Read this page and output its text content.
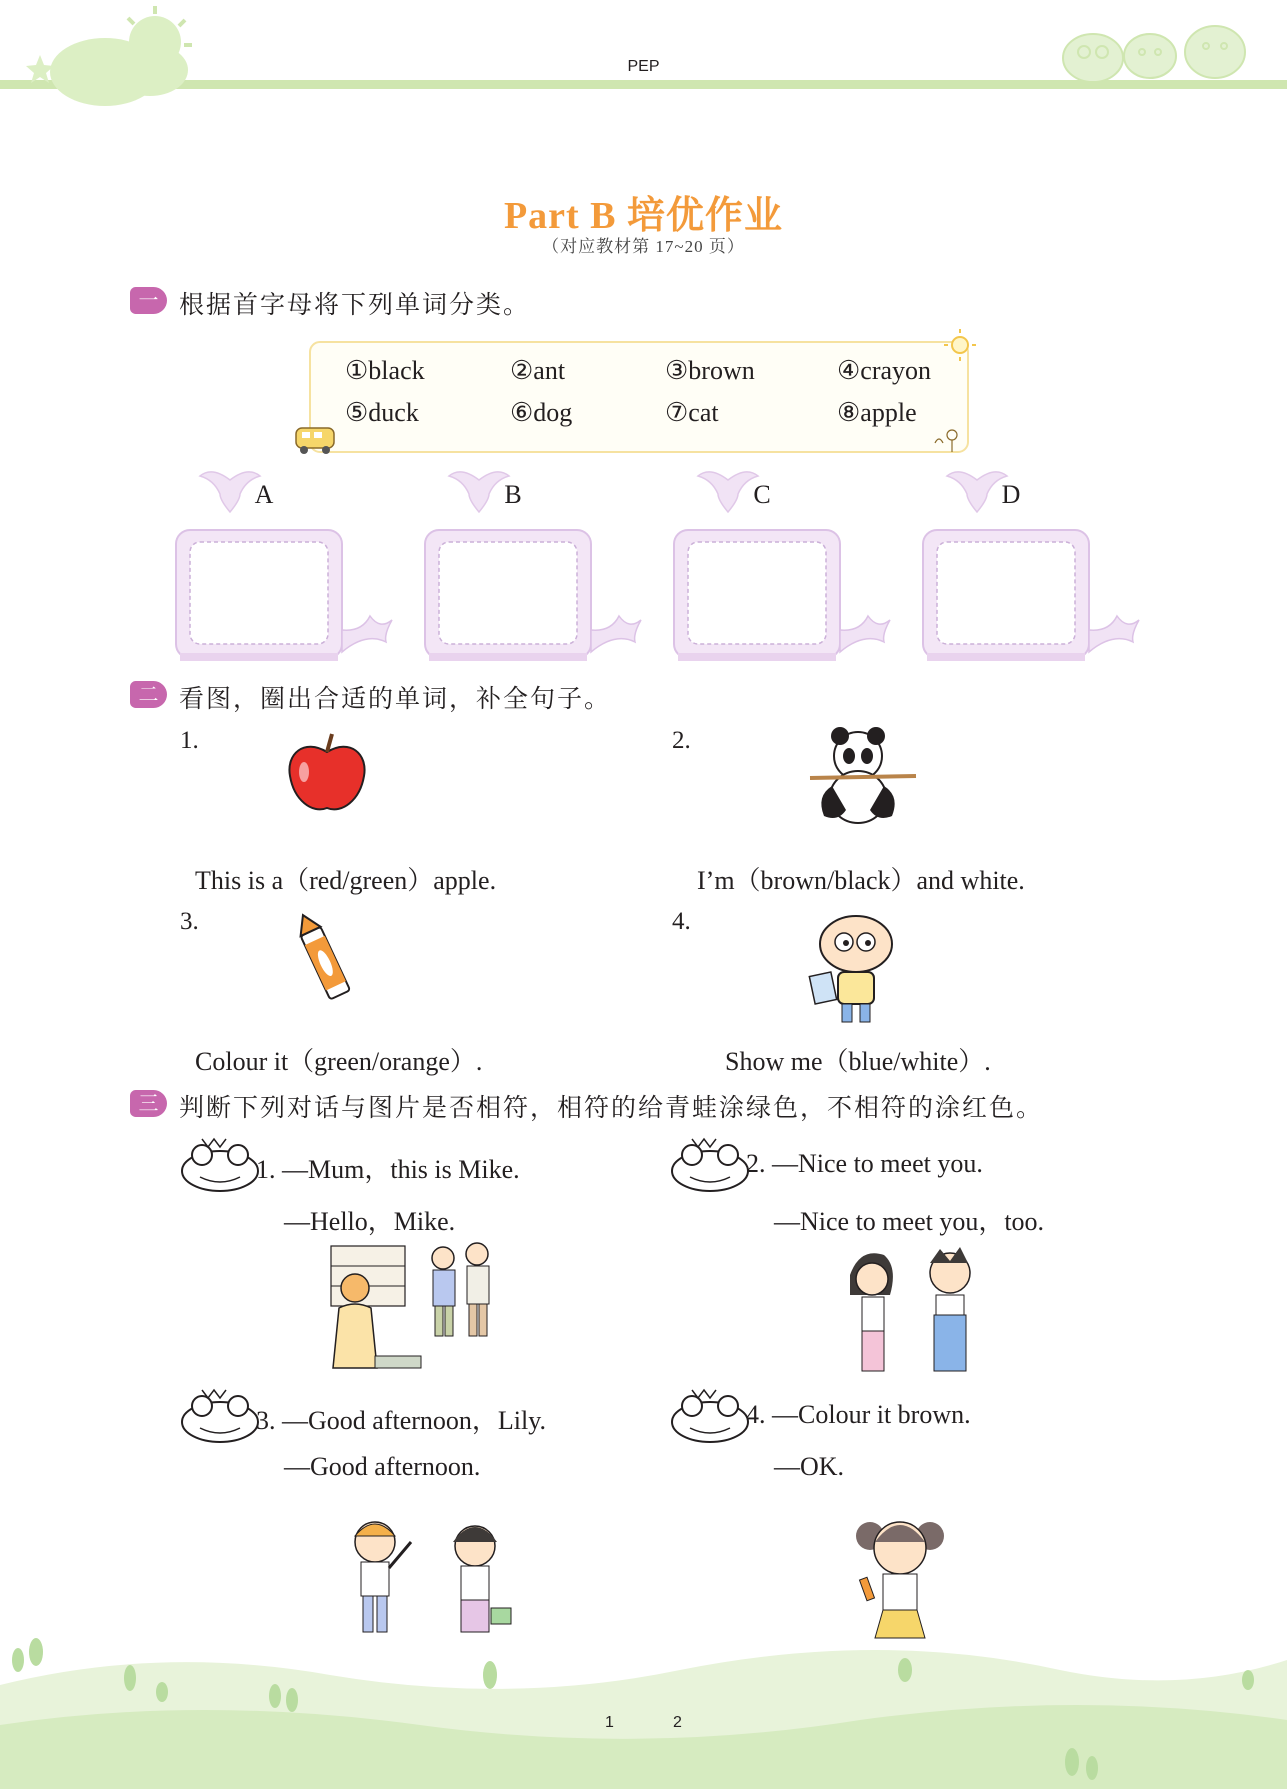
PEP
Part B 培优作业
（对应教材第 17~20 页）
一 根据首字母将下列单词分类。
①black	②ant	③brown	④crayon
⑤duck	⑥dog	⑦cat	⑧apple
A	B	C	D
二 看图，圈出合适的单词，补全句子。
1.
This is a（red/green）apple.
2.
I’m（brown/black）and white.
3.
Colour it（green/orange）.
4.
Show me（blue/white）.
三 判断下列对话与图片是否相符，相符的给青蛙涂绿色，不相符的涂红色。
1. —Mum，this is Mike.
—Hello，Mike.
2. —Nice to meet you.
—Nice to meet you，too.
3. —Good afternoon，Lily.
—Good afternoon.
4. —Colour it brown.
—OK.
1	2
